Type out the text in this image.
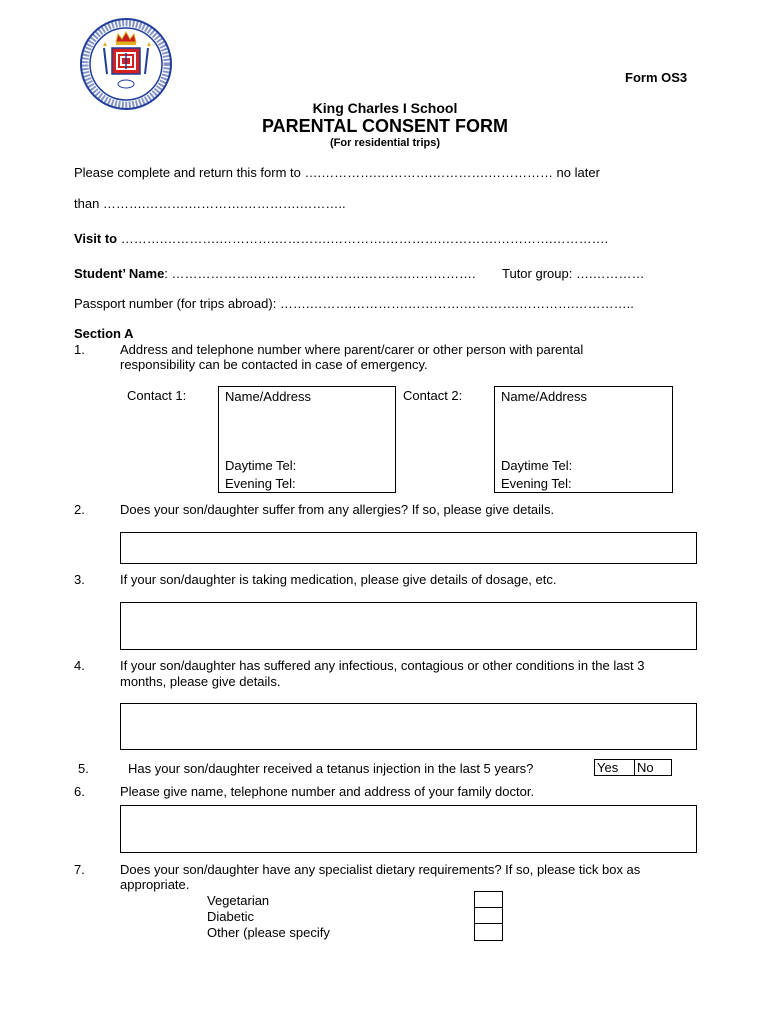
Form OS3
King Charles I School
PARENTAL CONSENT FORM
(For residential trips)
Please complete and return this form to ….………….………….………….…………… no later
than ……….……….………….………….………..
Visit to ……….………….………….………….………….………….………….………….………….
Student’ Name: ……………….………….………….……….……………. Tutor group: ….…………
Passport number (for trips abroad): …….……….………….………….………….………….…………..
Section A
1.	Address and telephone number where parent/carer or other person with parental
responsibility can be contacted in case of emergency.
Contact 1:	Name/Address
Daytime Tel:
Evening Tel:
Contact 2:	Name/Address
Daytime Tel:
Evening Tel:
2.	Does your son/daughter suffer from any allergies? If so, please give details.
3.	If your son/daughter is taking medication, please give details of dosage, etc.
4.	If your son/daughter has suffered any infectious, contagious or other conditions in the last 3
months, please give details.
5.	Has your son/daughter received a tetanus injection in the last 5 years?	Yes No
6.	Please give name, telephone number and address of your family doctor.
7.	Does your son/daughter have any specialist dietary requirements? If so, please tick box as
appropriate.
Vegetarian
Diabetic
Other (please specify
